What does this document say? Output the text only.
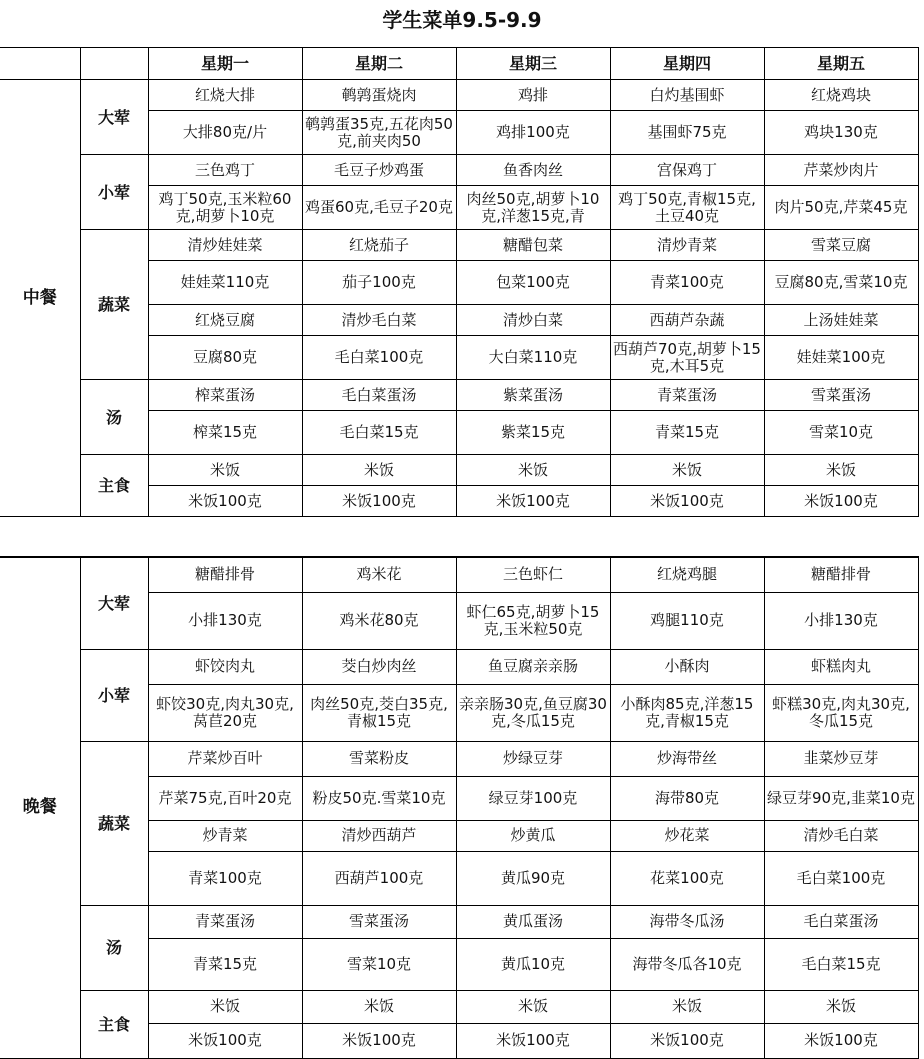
学生菜单9.5-9.9
		星期一	星期二	星期三	星期四	星期五
中餐	大荤	红烧大排	鹌鹑蛋烧肉	鸡排	白灼基围虾	红烧鸡块
		大排80克/片	鹌鹑蛋35克,五花肉50克,前夹肉50	鸡排100克	基围虾75克	鸡块130克
	小荤	三色鸡丁	毛豆子炒鸡蛋	鱼香肉丝	宫保鸡丁	芹菜炒肉片
		鸡丁50克,玉米粒60克,胡萝卜10克	鸡蛋60克,毛豆子20克	肉丝50克,胡萝卜10克,洋葱15克,青	鸡丁50克,青椒15克,土豆40克	肉片50克,芹菜45克
	蔬菜	清炒娃娃菜	红烧茄子	糖醋包菜	清炒青菜	雪菜豆腐
		娃娃菜110克	茄子100克	包菜100克	青菜100克	豆腐80克,雪菜10克
		红烧豆腐	清炒毛白菜	清炒白菜	西葫芦杂蔬	上汤娃娃菜
		豆腐80克	毛白菜100克	大白菜110克	西葫芦70克,胡萝卜15克,木耳5克	娃娃菜100克
	汤	榨菜蛋汤	毛白菜蛋汤	紫菜蛋汤	青菜蛋汤	雪菜蛋汤
		榨菜15克	毛白菜15克	紫菜15克	青菜15克	雪菜10克
	主食	米饭	米饭	米饭	米饭	米饭
		米饭100克	米饭100克	米饭100克	米饭100克	米饭100克
晚餐	大荤	糖醋排骨	鸡米花	三色虾仁	红烧鸡腿	糖醋排骨
		小排130克	鸡米花80克	虾仁65克,胡萝卜15克,玉米粒50克	鸡腿110克	小排130克
	小荤	虾饺肉丸	茭白炒肉丝	鱼豆腐亲亲肠	小酥肉	虾糕肉丸
		虾饺30克,肉丸30克,莴苣20克	肉丝50克,茭白35克,青椒15克	亲亲肠30克,鱼豆腐30克,冬瓜15克	小酥肉85克,洋葱15克,青椒15克	虾糕30克,肉丸30克,冬瓜15克
	蔬菜	芹菜炒百叶	雪菜粉皮	炒绿豆芽	炒海带丝	韭菜炒豆芽
		芹菜75克,百叶20克	粉皮50克.雪菜10克	绿豆芽100克	海带80克	绿豆芽90克,韭菜10克
		炒青菜	清炒西葫芦	炒黄瓜	炒花菜	清炒毛白菜
		青菜100克	西葫芦100克	黄瓜90克	花菜100克	毛白菜100克
	汤	青菜蛋汤	雪菜蛋汤	黄瓜蛋汤	海带冬瓜汤	毛白菜蛋汤
		青菜15克	雪菜10克	黄瓜10克	海带冬瓜各10克	毛白菜15克
	主食	米饭	米饭	米饭	米饭	米饭
		米饭100克	米饭100克	米饭100克	米饭100克	米饭100克
